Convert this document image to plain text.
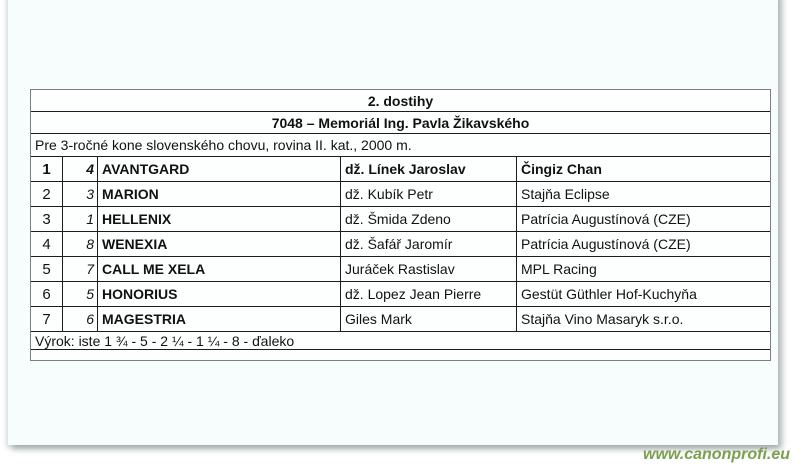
2. dostihy
7048 – Memoriál Ing. Pavla Žikavského
Pre 3-ročné kone slovenského chovu, rovina II. kat., 2000 m.
1	4 AVANTGARD	dž. Línek Jaroslav	Čingiz Chan
2	3 MARION	dž. Kubík Petr	Stajňa Eclipse
3	1 HELLENIX	dž. Šmida Zdeno	Patrícia Augustínová (CZE)
4	8 WENEXIA	dž. Šafář Jaromír	Patrícia Augustínová (CZE)
5	7 CALL ME XELA	Juráček Rastislav	MPL Racing
6	5 HONORIUS	dž. Lopez Jean Pierre	Gestüt Güthler Hof-Kuchyňa
7	6 MAGESTRIA	Giles Mark	Stajňa Vino Masaryk s.r.o.
Výrok: iste 1 ¾ - 5 - 2 ¼ - 1 ¼ - 8 - ďaleko
www.canonprofi.eu
